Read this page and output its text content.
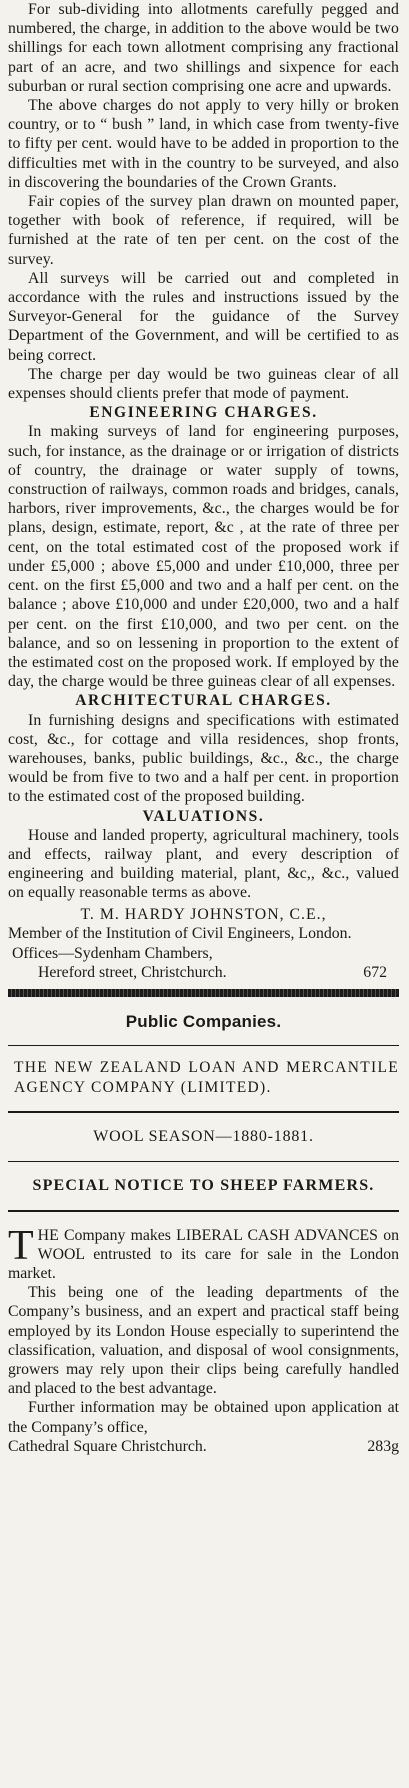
For sub-dividing into allotments carefully pegged and numbered, the charge, in addition to the above would be two shillings for each town allotment comprising any fractional part of an acre, and two shillings and sixpence for each suburban or rural section comprising one acre and upwards.

The above charges do not apply to very hilly or broken country, or to “ bush ” land, in which case from twenty-five to fifty per cent. would have to be added in proportion to the difficulties met with in the country to be surveyed, and also in discovering the boundaries of the Crown Grants.

Fair copies of the survey plan drawn on mounted paper, together with book of reference, if required, will be furnished at the rate of ten per cent. on the cost of the survey.

All surveys will be carried out and completed in accordance with the rules and instructions issued by the Surveyor-General for the guidance of the Survey Department of the Government, and will be certified to as being correct.

The charge per day would be two guineas clear of all expenses should clients prefer that mode of payment.

ENGINEERING CHARGES.

In making surveys of land for engineering purposes, such, for instance, as the drainage or or irrigation of districts of country, the drainage or water supply of towns, construction of railways, common roads and bridges, canals, harbors, river improvements, &c., the charges would be for plans, design, estimate, report, &c , at the rate of three per cent, on the total estimated cost of the proposed work if under £5,000 ; above £5,000 and under £10,000, three per cent. on the first £5,000 and two and a half per cent. on the balance ; above £10,000 and under £20,000, two and a half per cent. on the first £10,000, and two per cent. on the balance, and so on lessening in proportion to the extent of the estimated cost on the proposed work. If employed by the day, the charge would be three guineas clear of all expenses.

ARCHITECTURAL CHARGES.

In furnishing designs and specifications with estimated cost, &c., for cottage and villa residences, shop fronts, warehouses, banks, public buildings, &c., &c., the charge would be from five to two and a half per cent. in proportion to the estimated cost of the proposed building.

VALUATIONS.

House and landed property, agricultural machinery, tools and effects, railway plant, and every description of engineering and building material, plant, &c,, &c., valued on equally reasonable terms as above.

T. M. HARDY JOHNSTON, C.E.,

Member of the Institution of Civil Engineers, London.

Offices—Sydenham Chambers,

Hereford street, Christchurch.	672

Public Companies.

THE NEW ZEALAND LOAN AND MERCANTILE AGENCY COMPANY (LIMITED).

WOOL SEASON—1880-1881.

SPECIAL NOTICE TO SHEEP FARMERS.

T HE Company makes LIBERAL CASH ADVANCES on WOOL entrusted to its care for sale in the London market.

This being one of the leading departments of the Company’s business, and an expert and practical staff being employed by its London House especially to superintend the classification, valuation, and disposal of wool consignments, growers may rely upon their clips being carefully handled and placed to the best advantage.

Further information may be obtained upon application at the Company’s office,

Cathedral Square Christchurch.	283g
